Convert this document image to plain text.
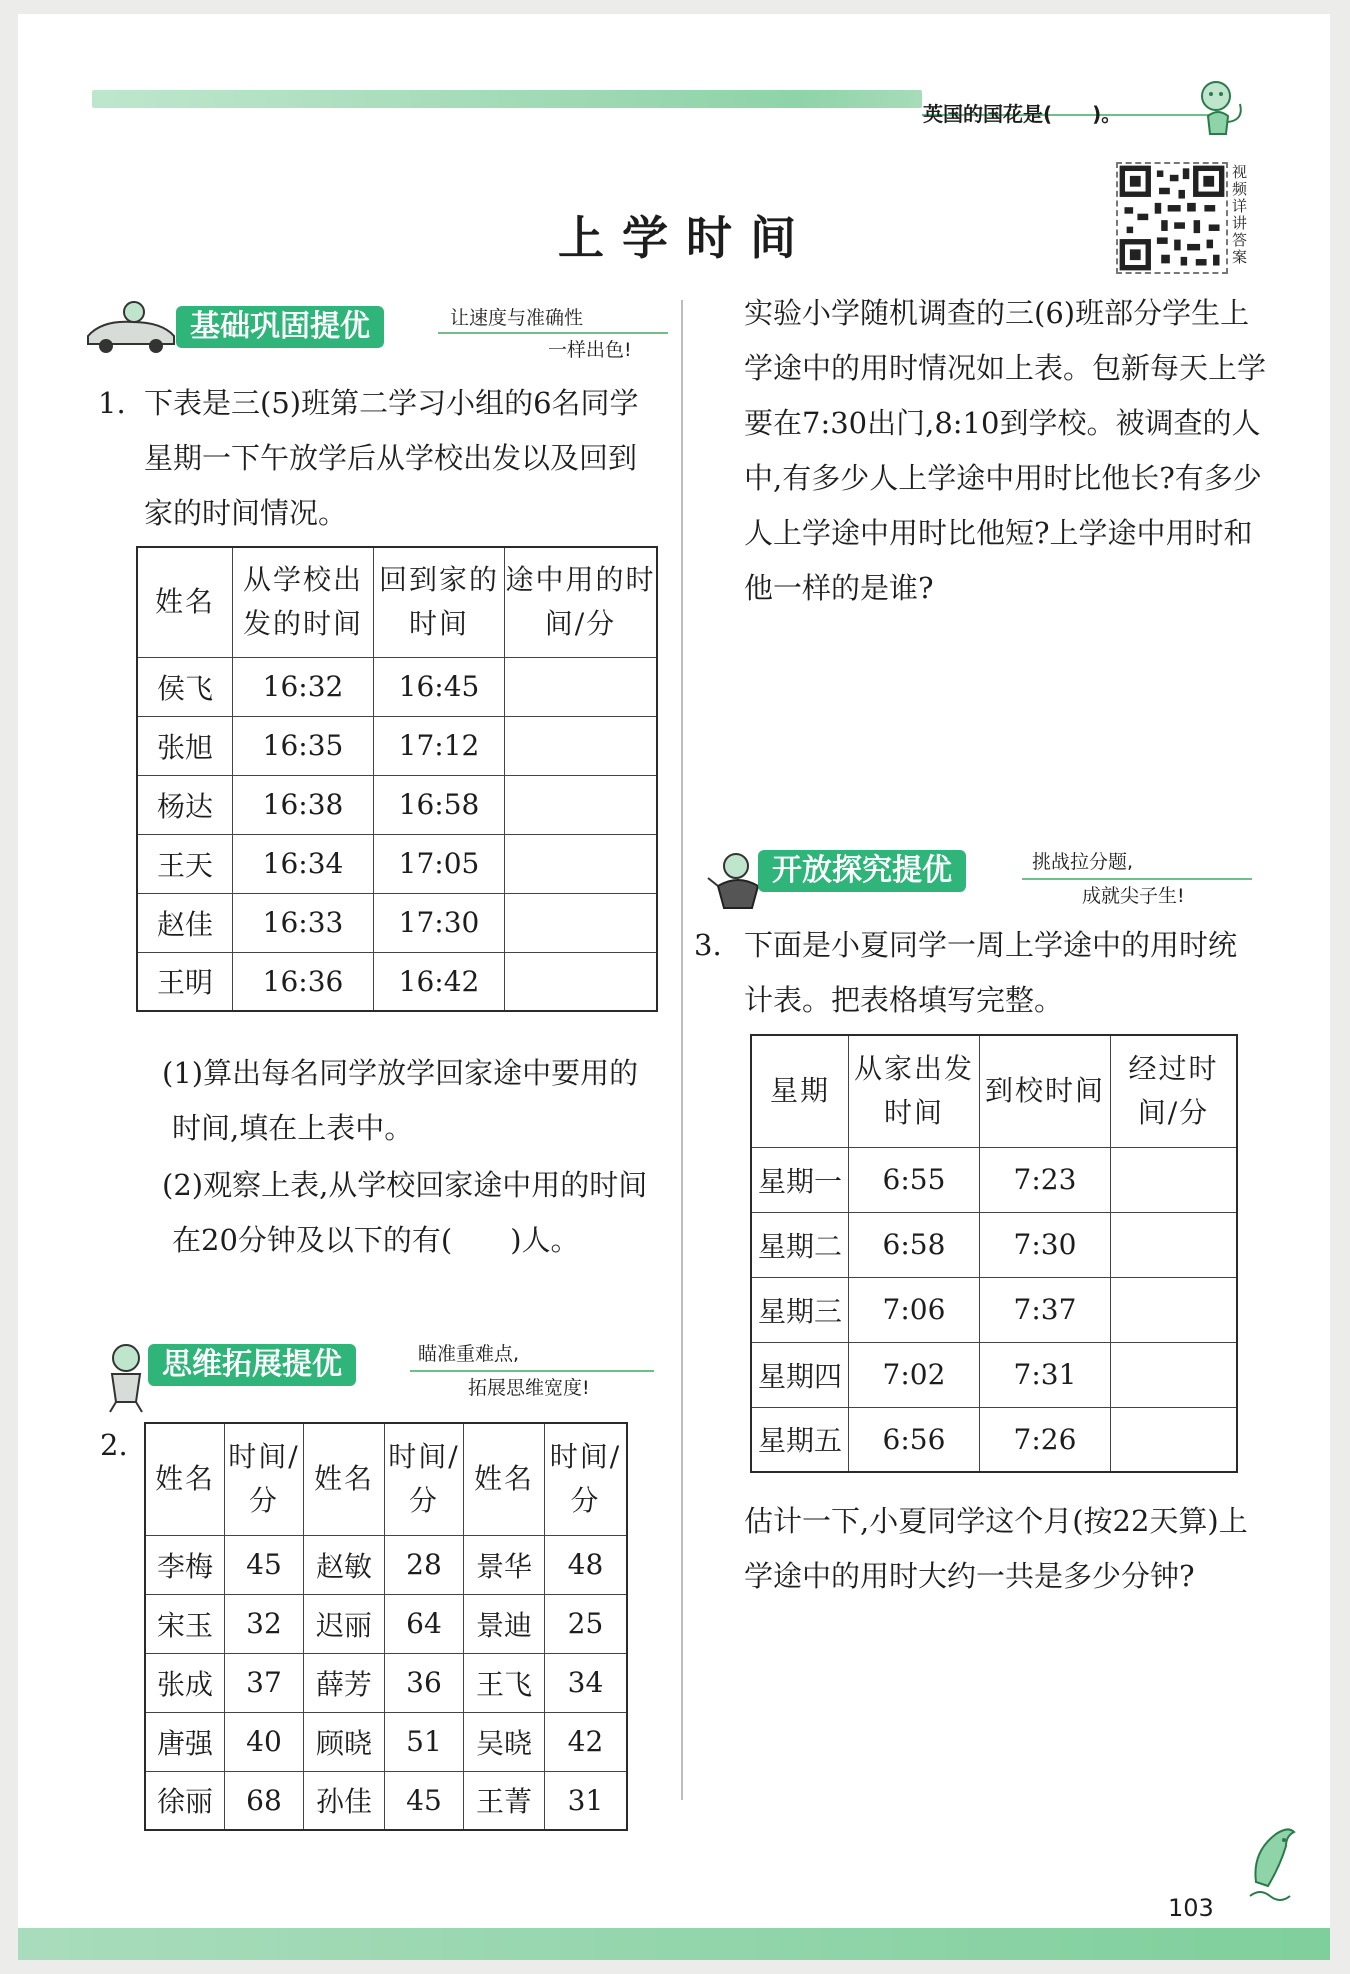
英国的国花是(　　)。
视频详讲答案
上学时间
基础巩固提优	让速度与准确性
一样出色!
1. 下表是三(5)班第二学习小组的6名同学星期一下午放学后从学校出发以及回到家的时间情况。
姓名	从学校出发的时间	回到家的时间	途中用的时间/分
侯飞	16:32	16:45	
张旭	16:35	17:12	
杨达	16:38	16:58	
王天	16:34	17:05	
赵佳	16:33	17:30	
王明	16:36	16:42	
(1)算出每名同学放学回家途中要用的时间,填在上表中。
(2)观察上表,从学校回家途中用的时间在20分钟及以下的有(　　)人。
思维拓展提优	瞄准重难点,
拓展思维宽度!
2.
姓名	时间/分	姓名	时间/分	姓名	时间/分
李梅	45	赵敏	28	景华	48
宋玉	32	迟丽	64	景迪	25
张成	37	薛芳	36	王飞	34
唐强	40	顾晓	51	吴晓	42
徐丽	68	孙佳	45	王菁	31
实验小学随机调查的三(6)班部分学生上学途中的用时情况如上表。包新每天上学要在7:30出门,8:10到学校。被调查的人中,有多少人上学途中用时比他长?有多少人上学途中用时比他短?上学途中用时和他一样的是谁?
开放探究提优	挑战拉分题,
成就尖子生!
3. 下面是小夏同学一周上学途中的用时统计表。把表格填写完整。
星期	从家出发时间	到校时间	经过时间/分
星期一	6:55	7:23	
星期二	6:58	7:30	
星期三	7:06	7:37	
星期四	7:02	7:31	
星期五	6:56	7:26	
估计一下,小夏同学这个月(按22天算)上学途中的用时大约一共是多少分钟?
103
